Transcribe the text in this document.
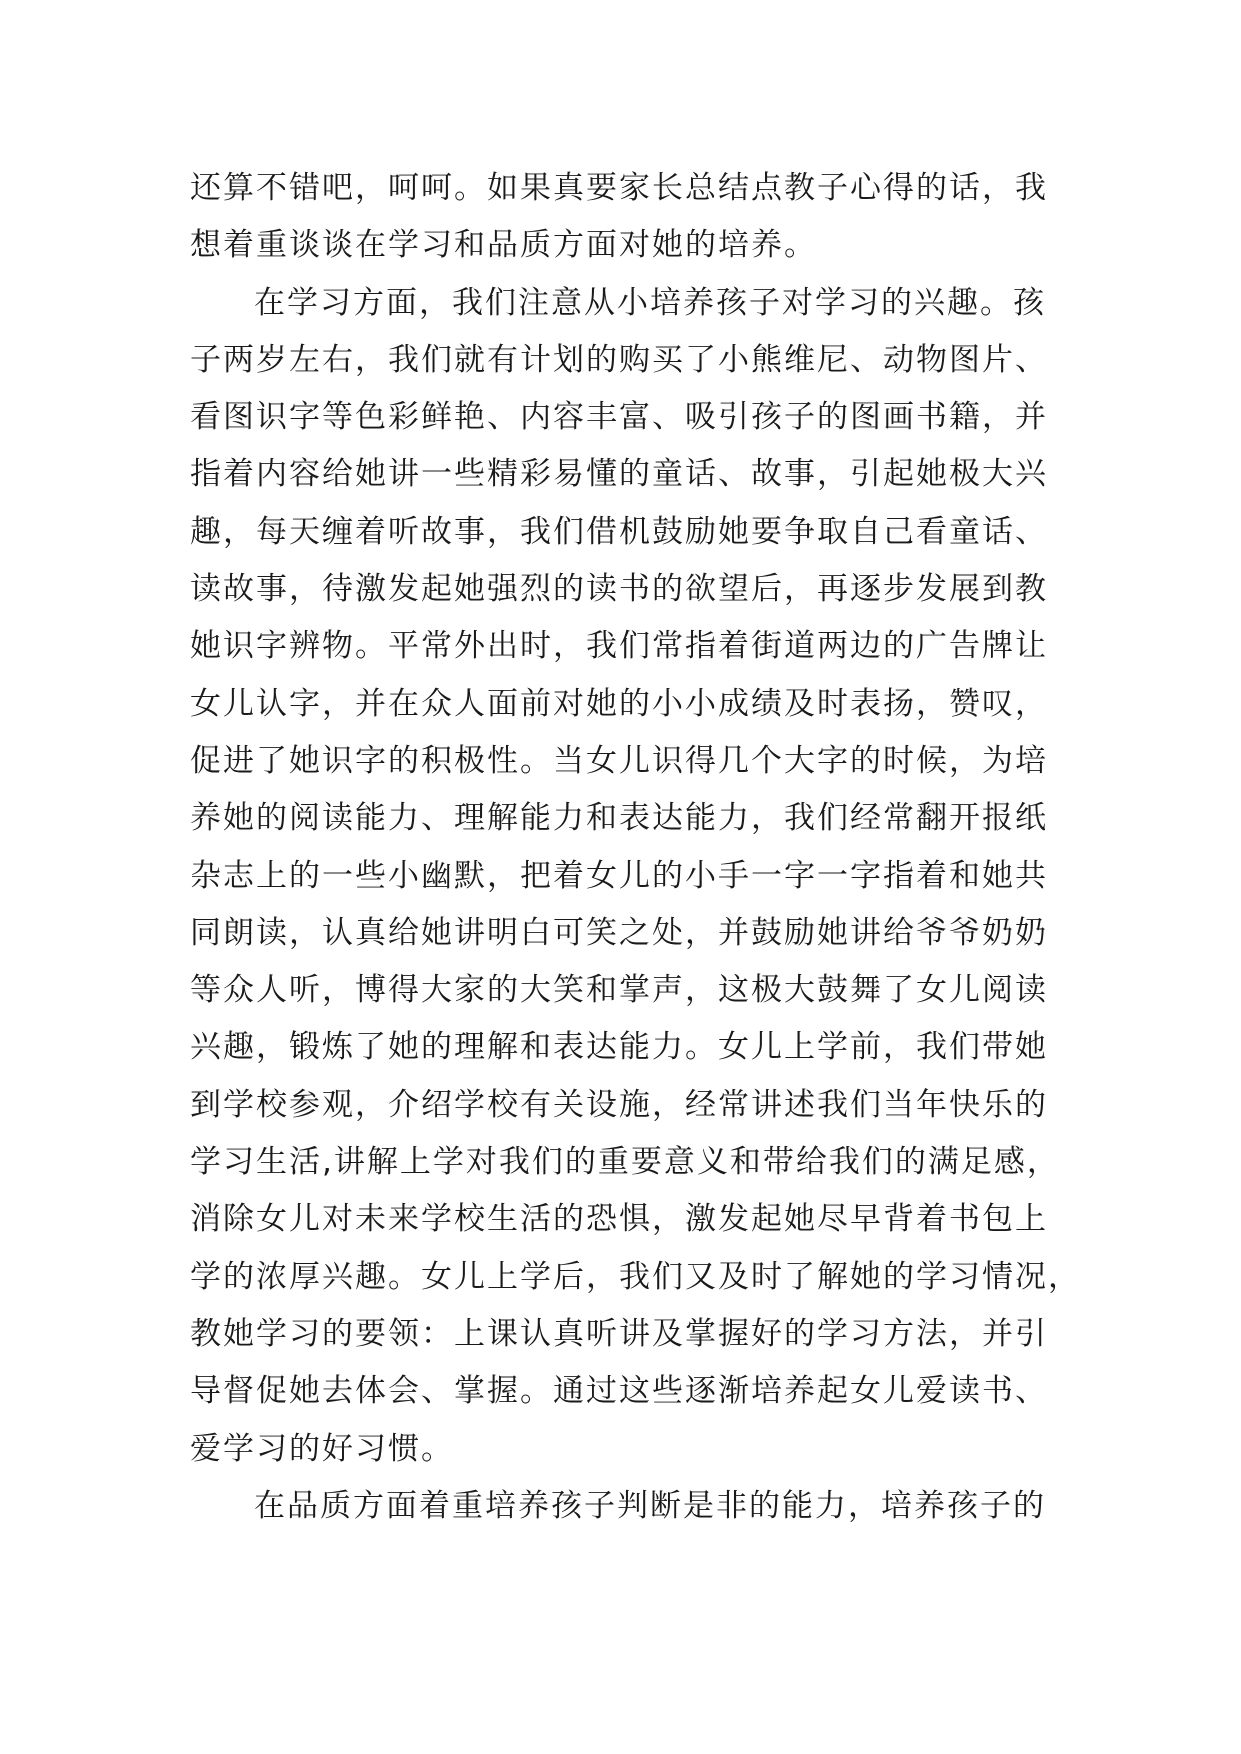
还算不错吧，呵呵。如果真要家长总结点教子心得的话，我
想着重谈谈在学习和品质方面对她的培养。
在学习方面，我们注意从小培养孩子对学习的兴趣。孩
子两岁左右，我们就有计划的购买了小熊维尼、动物图片、
看图识字等色彩鲜艳、内容丰富、吸引孩子的图画书籍，并
指着内容给她讲一些精彩易懂的童话、故事，引起她极大兴
趣，每天缠着听故事，我们借机鼓励她要争取自己看童话、
读故事，待激发起她强烈的读书的欲望后，再逐步发展到教
她识字辨物。平常外出时，我们常指着街道两边的广告牌让
女儿认字，并在众人面前对她的小小成绩及时表扬，赞叹，
促进了她识字的积极性。当女儿识得几个大字的时候，为培
养她的阅读能力、理解能力和表达能力，我们经常翻开报纸
杂志上的一些小幽默，把着女儿的小手一字一字指着和她共
同朗读，认真给她讲明白可笑之处，并鼓励她讲给爷爷奶奶
等众人听，博得大家的大笑和掌声，这极大鼓舞了女儿阅读
兴趣，锻炼了她的理解和表达能力。女儿上学前，我们带她
到学校参观，介绍学校有关设施，经常讲述我们当年快乐的
学习生活,讲解上学对我们的重要意义和带给我们的满足感，
消除女儿对未来学校生活的恐惧，激发起她尽早背着书包上
学的浓厚兴趣。女儿上学后，我们又及时了解她的学习情况，
教她学习的要领：上课认真听讲及掌握好的学习方法，并引
导督促她去体会、掌握。通过这些逐渐培养起女儿爱读书、
爱学习的好习惯。
在品质方面着重培养孩子判断是非的能力，培养孩子的
